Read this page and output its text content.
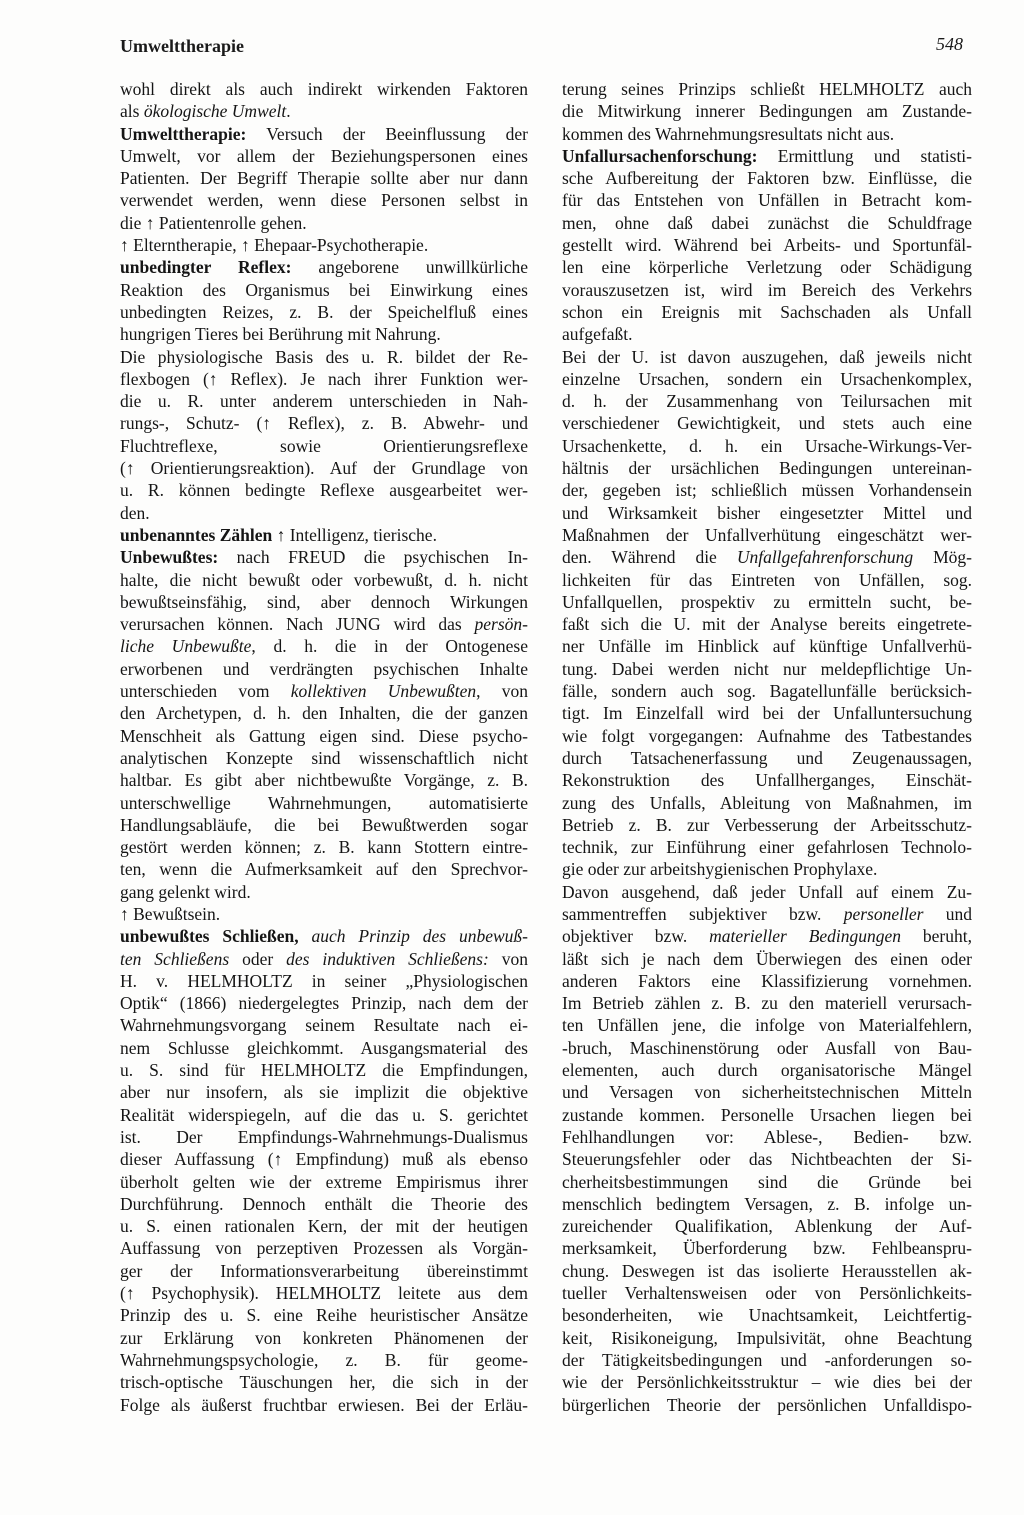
Umwelttherapie	548
wohl direkt als auch indirekt wirkenden Faktoren
als ökologische Umwelt.
Umwelttherapie: Versuch der Beeinflussung der
Umwelt, vor allem der Beziehungspersonen eines
Patienten. Der Begriff Therapie sollte aber nur dann
verwendet werden, wenn diese Personen selbst in
die ↑ Patientenrolle gehen.
↑ Elterntherapie, ↑ Ehepaar-Psychotherapie.
unbedingter Reflex: angeborene unwillkürliche
Reaktion des Organismus bei Einwirkung eines
unbedingten Reizes, z. B. der Speichelfluß eines
hungrigen Tieres bei Berührung mit Nahrung.
Die physiologische Basis des u. R. bildet der Re-
flexbogen (↑ Reflex). Je nach ihrer Funktion wer-
die u. R. unter anderem unterschieden in Nah-
rungs-, Schutz- (↑ Reflex), z. B. Abwehr- und
Fluchtreflexe, sowie Orientierungsreflexe
(↑ Orientierungsreaktion). Auf der Grundlage von
u. R. können bedingte Reflexe ausgearbeitet wer-
den.
unbenanntes Zählen ↑ Intelligenz, tierische.
Unbewußtes: nach FREUD die psychischen In-
halte, die nicht bewußt oder vorbewußt, d. h. nicht
bewußtseinsfähig, sind, aber dennoch Wirkungen
verursachen können. Nach JUNG wird das persön-
liche Unbewußte, d. h. die in der Ontogenese
erworbenen und verdrängten psychischen Inhalte
unterschieden vom kollektiven Unbewußten, von
den Archetypen, d. h. den Inhalten, die der ganzen
Menschheit als Gattung eigen sind. Diese psycho-
analytischen Konzepte sind wissenschaftlich nicht
haltbar. Es gibt aber nichtbewußte Vorgänge, z. B.
unterschwellige Wahrnehmungen, automatisierte
Handlungsabläufe, die bei Bewußtwerden sogar
gestört werden können; z. B. kann Stottern eintre-
ten, wenn die Aufmerksamkeit auf den Sprechvor-
gang gelenkt wird.
↑ Bewußtsein.
unbewußtes Schließen, auch Prinzip des unbewuß-
ten Schließens oder des induktiven Schließens: von
H. v. HELMHOLTZ in seiner „Physiologischen
Optik“ (1866) niedergelegtes Prinzip, nach dem der
Wahrnehmungsvorgang seinem Resultate nach ei-
nem Schlusse gleichkommt. Ausgangsmaterial des
u. S. sind für HELMHOLTZ die Empfindungen,
aber nur insofern, als sie implizit die objektive
Realität widerspiegeln, auf die das u. S. gerichtet
ist. Der Empfindungs-Wahrnehmungs-Dualismus
dieser Auffassung (↑ Empfindung) muß als ebenso
überholt gelten wie der extreme Empirismus ihrer
Durchführung. Dennoch enthält die Theorie des
u. S. einen rationalen Kern, der mit der heutigen
Auffassung von perzeptiven Prozessen als Vorgän-
ger der Informationsverarbeitung übereinstimmt
(↑ Psychophysik). HELMHOLTZ leitete aus dem
Prinzip des u. S. eine Reihe heuristischer Ansätze
zur Erklärung von konkreten Phänomenen der
Wahrnehmungspsychologie, z. B. für geome-
trisch-optische Täuschungen her, die sich in der
Folge als äußerst fruchtbar erwiesen. Bei der Erläu-
terung seines Prinzips schließt HELMHOLTZ auch
die Mitwirkung innerer Bedingungen am Zustande-
kommen des Wahrnehmungsresultats nicht aus.
Unfallursachenforschung: Ermittlung und statisti-
sche Aufbereitung der Faktoren bzw. Einflüsse, die
für das Entstehen von Unfällen in Betracht kom-
men, ohne daß dabei zunächst die Schuldfrage
gestellt wird. Während bei Arbeits- und Sportunfäl-
len eine körperliche Verletzung oder Schädigung
vorauszusetzen ist, wird im Bereich des Verkehrs
schon ein Ereignis mit Sachschaden als Unfall
aufgefaßt.
Bei der U. ist davon auszugehen, daß jeweils nicht
einzelne Ursachen, sondern ein Ursachenkomplex,
d. h. der Zusammenhang von Teilursachen mit
verschiedener Gewichtigkeit, und stets auch eine
Ursachenkette, d. h. ein Ursache-Wirkungs-Ver-
hältnis der ursächlichen Bedingungen untereinan-
der, gegeben ist; schließlich müssen Vorhandensein
und Wirksamkeit bisher eingesetzter Mittel und
Maßnahmen der Unfallverhütung eingeschätzt wer-
den. Während die Unfallgefahrenforschung Mög-
lichkeiten für das Eintreten von Unfällen, sog.
Unfallquellen, prospektiv zu ermitteln sucht, be-
faßt sich die U. mit der Analyse bereits eingetrete-
ner Unfälle im Hinblick auf künftige Unfallverhü-
tung. Dabei werden nicht nur meldepflichtige Un-
fälle, sondern auch sog. Bagatellunfälle berücksich-
tigt. Im Einzelfall wird bei der Unfalluntersuchung
wie folgt vorgegangen: Aufnahme des Tatbestandes
durch Tatsachenerfassung und Zeugenaussagen,
Rekonstruktion des Unfallherganges, Einschät-
zung des Unfalls, Ableitung von Maßnahmen, im
Betrieb z. B. zur Verbesserung der Arbeitsschutz-
technik, zur Einführung einer gefahrlosen Technolo-
gie oder zur arbeitshygienischen Prophylaxe.
Davon ausgehend, daß jeder Unfall auf einem Zu-
sammentreffen subjektiver bzw. personeller und
objektiver bzw. materieller Bedingungen beruht,
läßt sich je nach dem Überwiegen des einen oder
anderen Faktors eine Klassifizierung vornehmen.
Im Betrieb zählen z. B. zu den materiell verursach-
ten Unfällen jene, die infolge von Materialfehlern,
-bruch, Maschinenstörung oder Ausfall von Bau-
elementen, auch durch organisatorische Mängel
und Versagen von sicherheitstechnischen Mitteln
zustande kommen. Personelle Ursachen liegen bei
Fehlhandlungen vor: Ablese-, Bedien- bzw.
Steuerungsfehler oder das Nichtbeachten der Si-
cherheitsbestimmungen sind die Gründe bei
menschlich bedingtem Versagen, z. B. infolge un-
zureichender Qualifikation, Ablenkung der Auf-
merksamkeit, Überforderung bzw. Fehlbeanspru-
chung. Deswegen ist das isolierte Herausstellen ak-
tueller Verhaltensweisen oder von Persönlichkeits-
besonderheiten, wie Unachtsamkeit, Leichtfertig-
keit, Risikoneigung, Impulsivität, ohne Beachtung
der Tätigkeitsbedingungen und -anforderungen so-
wie der Persönlichkeitsstruktur – wie dies bei der
bürgerlichen Theorie der persönlichen Unfalldispo-
